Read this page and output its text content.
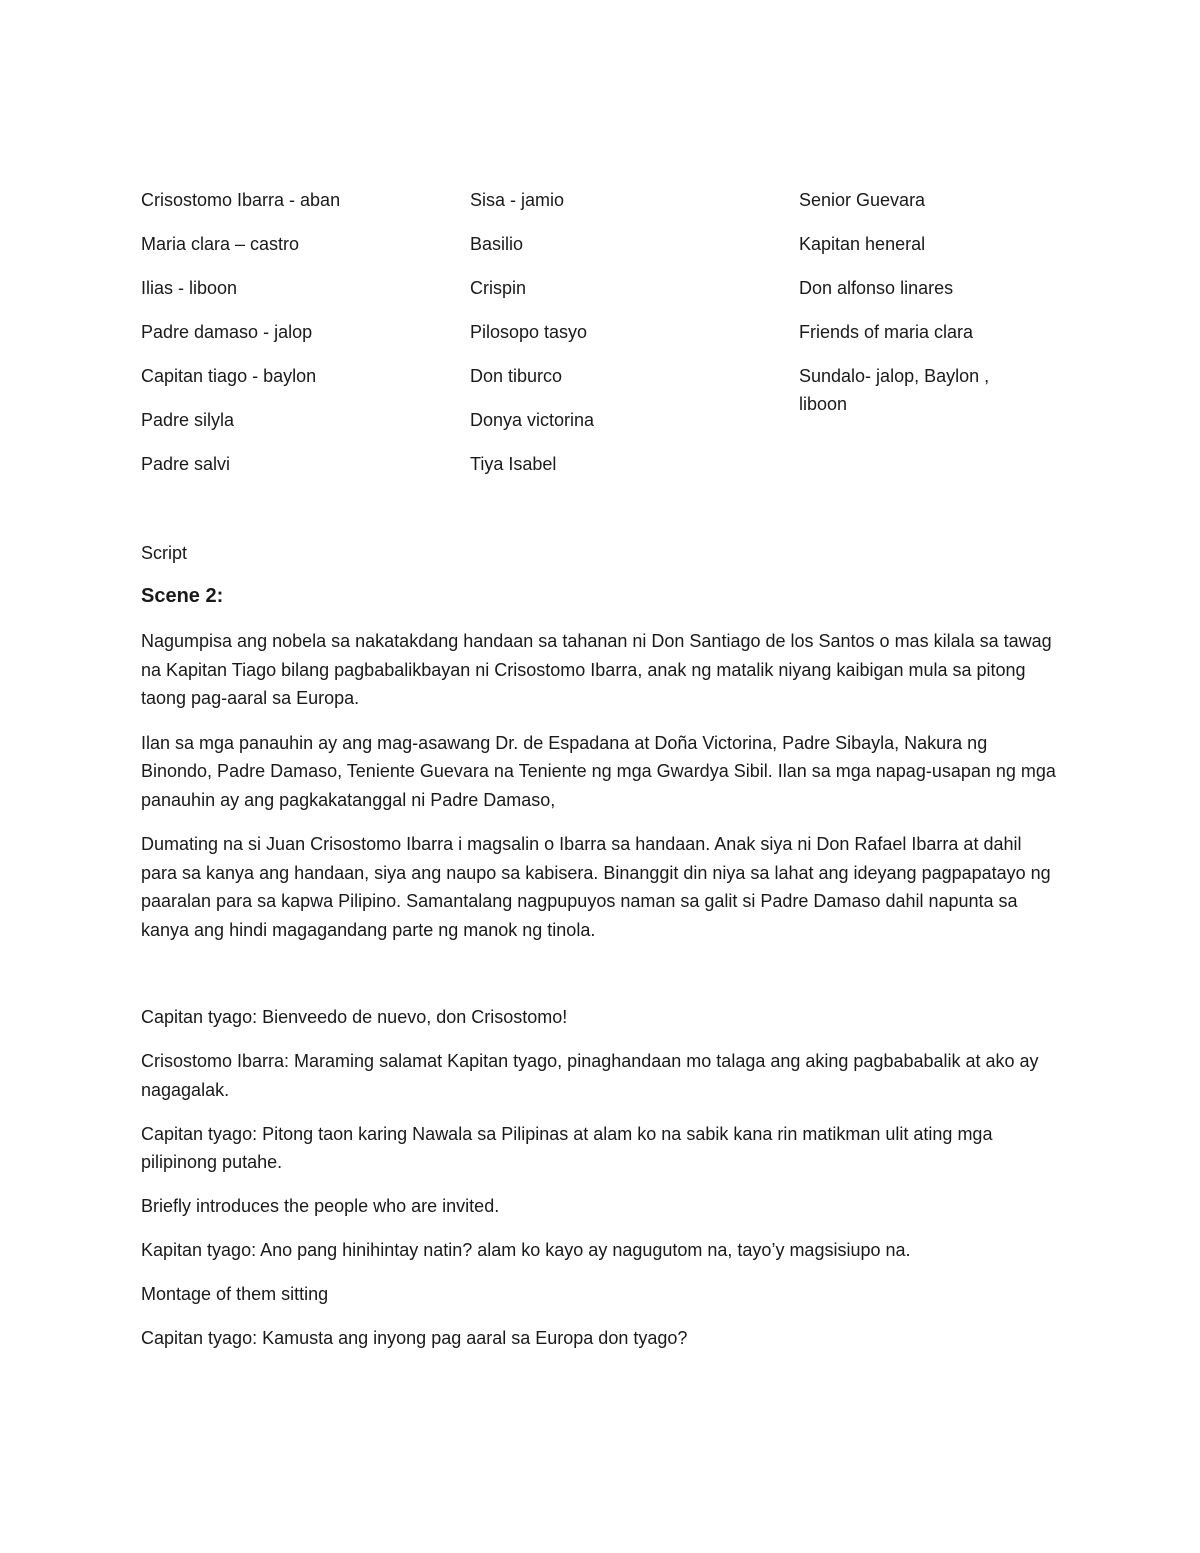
Crisostomo Ibarra - aban
Maria clara – castro
Ilias - liboon
Padre damaso - jalop
Capitan tiago - baylon
Padre silyla
Padre salvi
Sisa - jamio
Basilio
Crispin
Pilosopo tasyo
Don tiburco
Donya victorina
Tiya Isabel
Senior Guevara
Kapitan heneral
Don alfonso linares
Friends of maria clara
Sundalo- jalop, Baylon , liboon
Script
Scene 2:

Nagumpisa ang nobela sa nakatakdang handaan sa tahanan ni Don Santiago de los Santos o mas kilala sa tawag na Kapitan Tiago bilang pagbabalikbayan ni Crisostomo Ibarra, anak ng matalik niyang kaibigan mula sa pitong taong pag-aaral sa Europa.

Ilan sa mga panauhin ay ang mag-asawang Dr. de Espadana at Doña Victorina, Padre Sibayla, Nakura ng Binondo, Padre Damaso, Teniente Guevara na Teniente ng mga Gwardya Sibil. Ilan sa mga napag-usapan ng mga panauhin ay ang pagkakatanggal ni Padre Damaso,

Dumating na si Juan Crisostomo Ibarra i magsalin o Ibarra sa handaan. Anak siya ni Don Rafael Ibarra at dahil para sa kanya ang handaan, siya ang naupo sa kabisera. Binanggit din niya sa lahat ang ideyang pagpapatayo ng paaralan para sa kapwa Pilipino. Samantalang nagpupuyos naman sa galit si Padre Damaso dahil napunta sa kanya ang hindi magagandang parte ng manok ng tinola.

Capitan tyago: Bienveedo de nuevo, don Crisostomo!

Crisostomo Ibarra: Maraming salamat Kapitan tyago, pinaghandaan mo talaga ang aking pagbababalik at ako ay nagagalak.

Capitan tyago: Pitong taon karing Nawala sa Pilipinas at alam ko na sabik kana rin matikman ulit ating mga pilipinong putahe.

Briefly introduces the people who are invited.

Kapitan tyago: Ano pang hinihintay natin? alam ko kayo ay nagugutom na, tayo’y magsisiupo na.

Montage of them sitting

Capitan tyago: Kamusta ang inyong pag aaral sa Europa don tyago?
